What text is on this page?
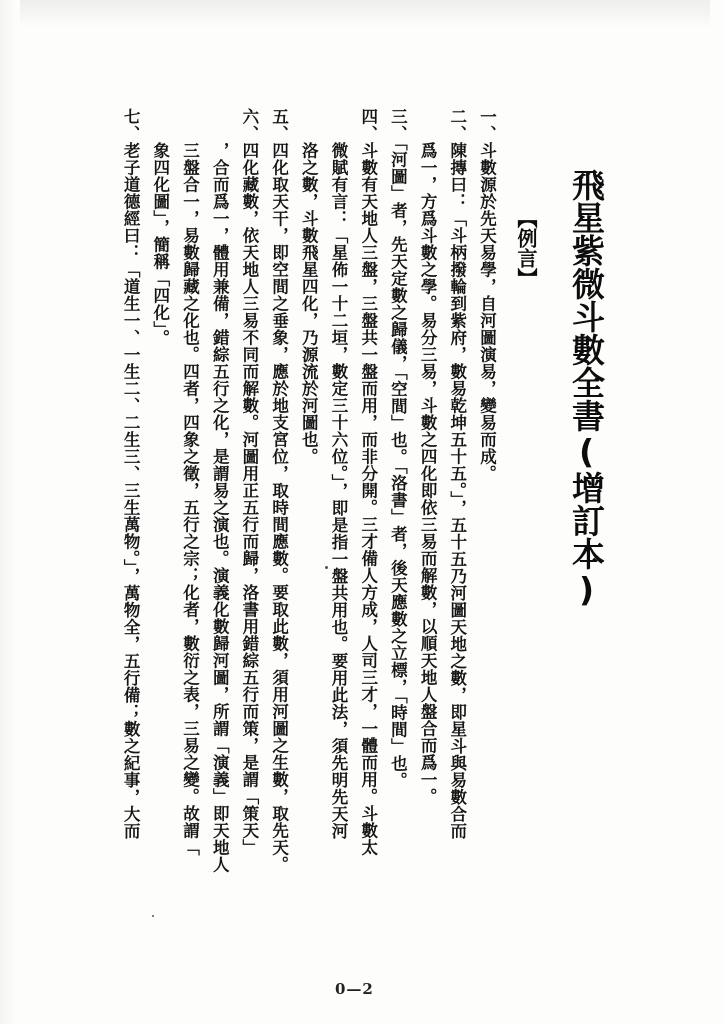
飛星紫微斗數全書(增訂本)
【例言】
一、斗數源於先天易學，自河圖演易，變易而成。
二、陳摶曰：「斗柄撥輪到紫府，數易乾坤五十五。」，五十五乃河圖天地之數，即星斗與易數合而
　　爲一，方爲斗數之學。易分三易，斗數之四化即依三易而解數，以順天地人盤合而爲一。
三、「河圖」者，先天定數之歸儀，「空間」也。「洛書」者，後天應數之立標，「時間」也。
四、斗數有天地人三盤，三盤共一盤而用，而非分開。三才備人方成，人司三才，一體而用。斗數太
　　微賦有言：「星佈一十二垣，數定三十六位。」，即是指一盤共用也。要用此法，須先明先天河
　　洛之數，斗數飛星四化，乃源流於河圖也。
五、四化取天干，即空間之垂象，應於地支宮位，取時間應數。要取此數，須用河圖之生數，取先天。
六、四化藏數，依天地人三易不同而解數。河圖用正五行而歸，洛書用錯綜五行而策，是謂「策天」
　　，合而爲一，體用兼備，錯綜五行之化，是謂易之演也。演義化數歸河圖，所謂「演義」即天地人
　　三盤合一，易數歸藏之化也。四者，四象之徵，五行之宗；化者，數衍之表，三易之變。故謂「
　　象四化圖」，簡稱「四化」。
七、老子道德經曰：「道生一、一生二、二生三、三生萬物。」，萬物全，五行備；數之紀事，大而
0—2
